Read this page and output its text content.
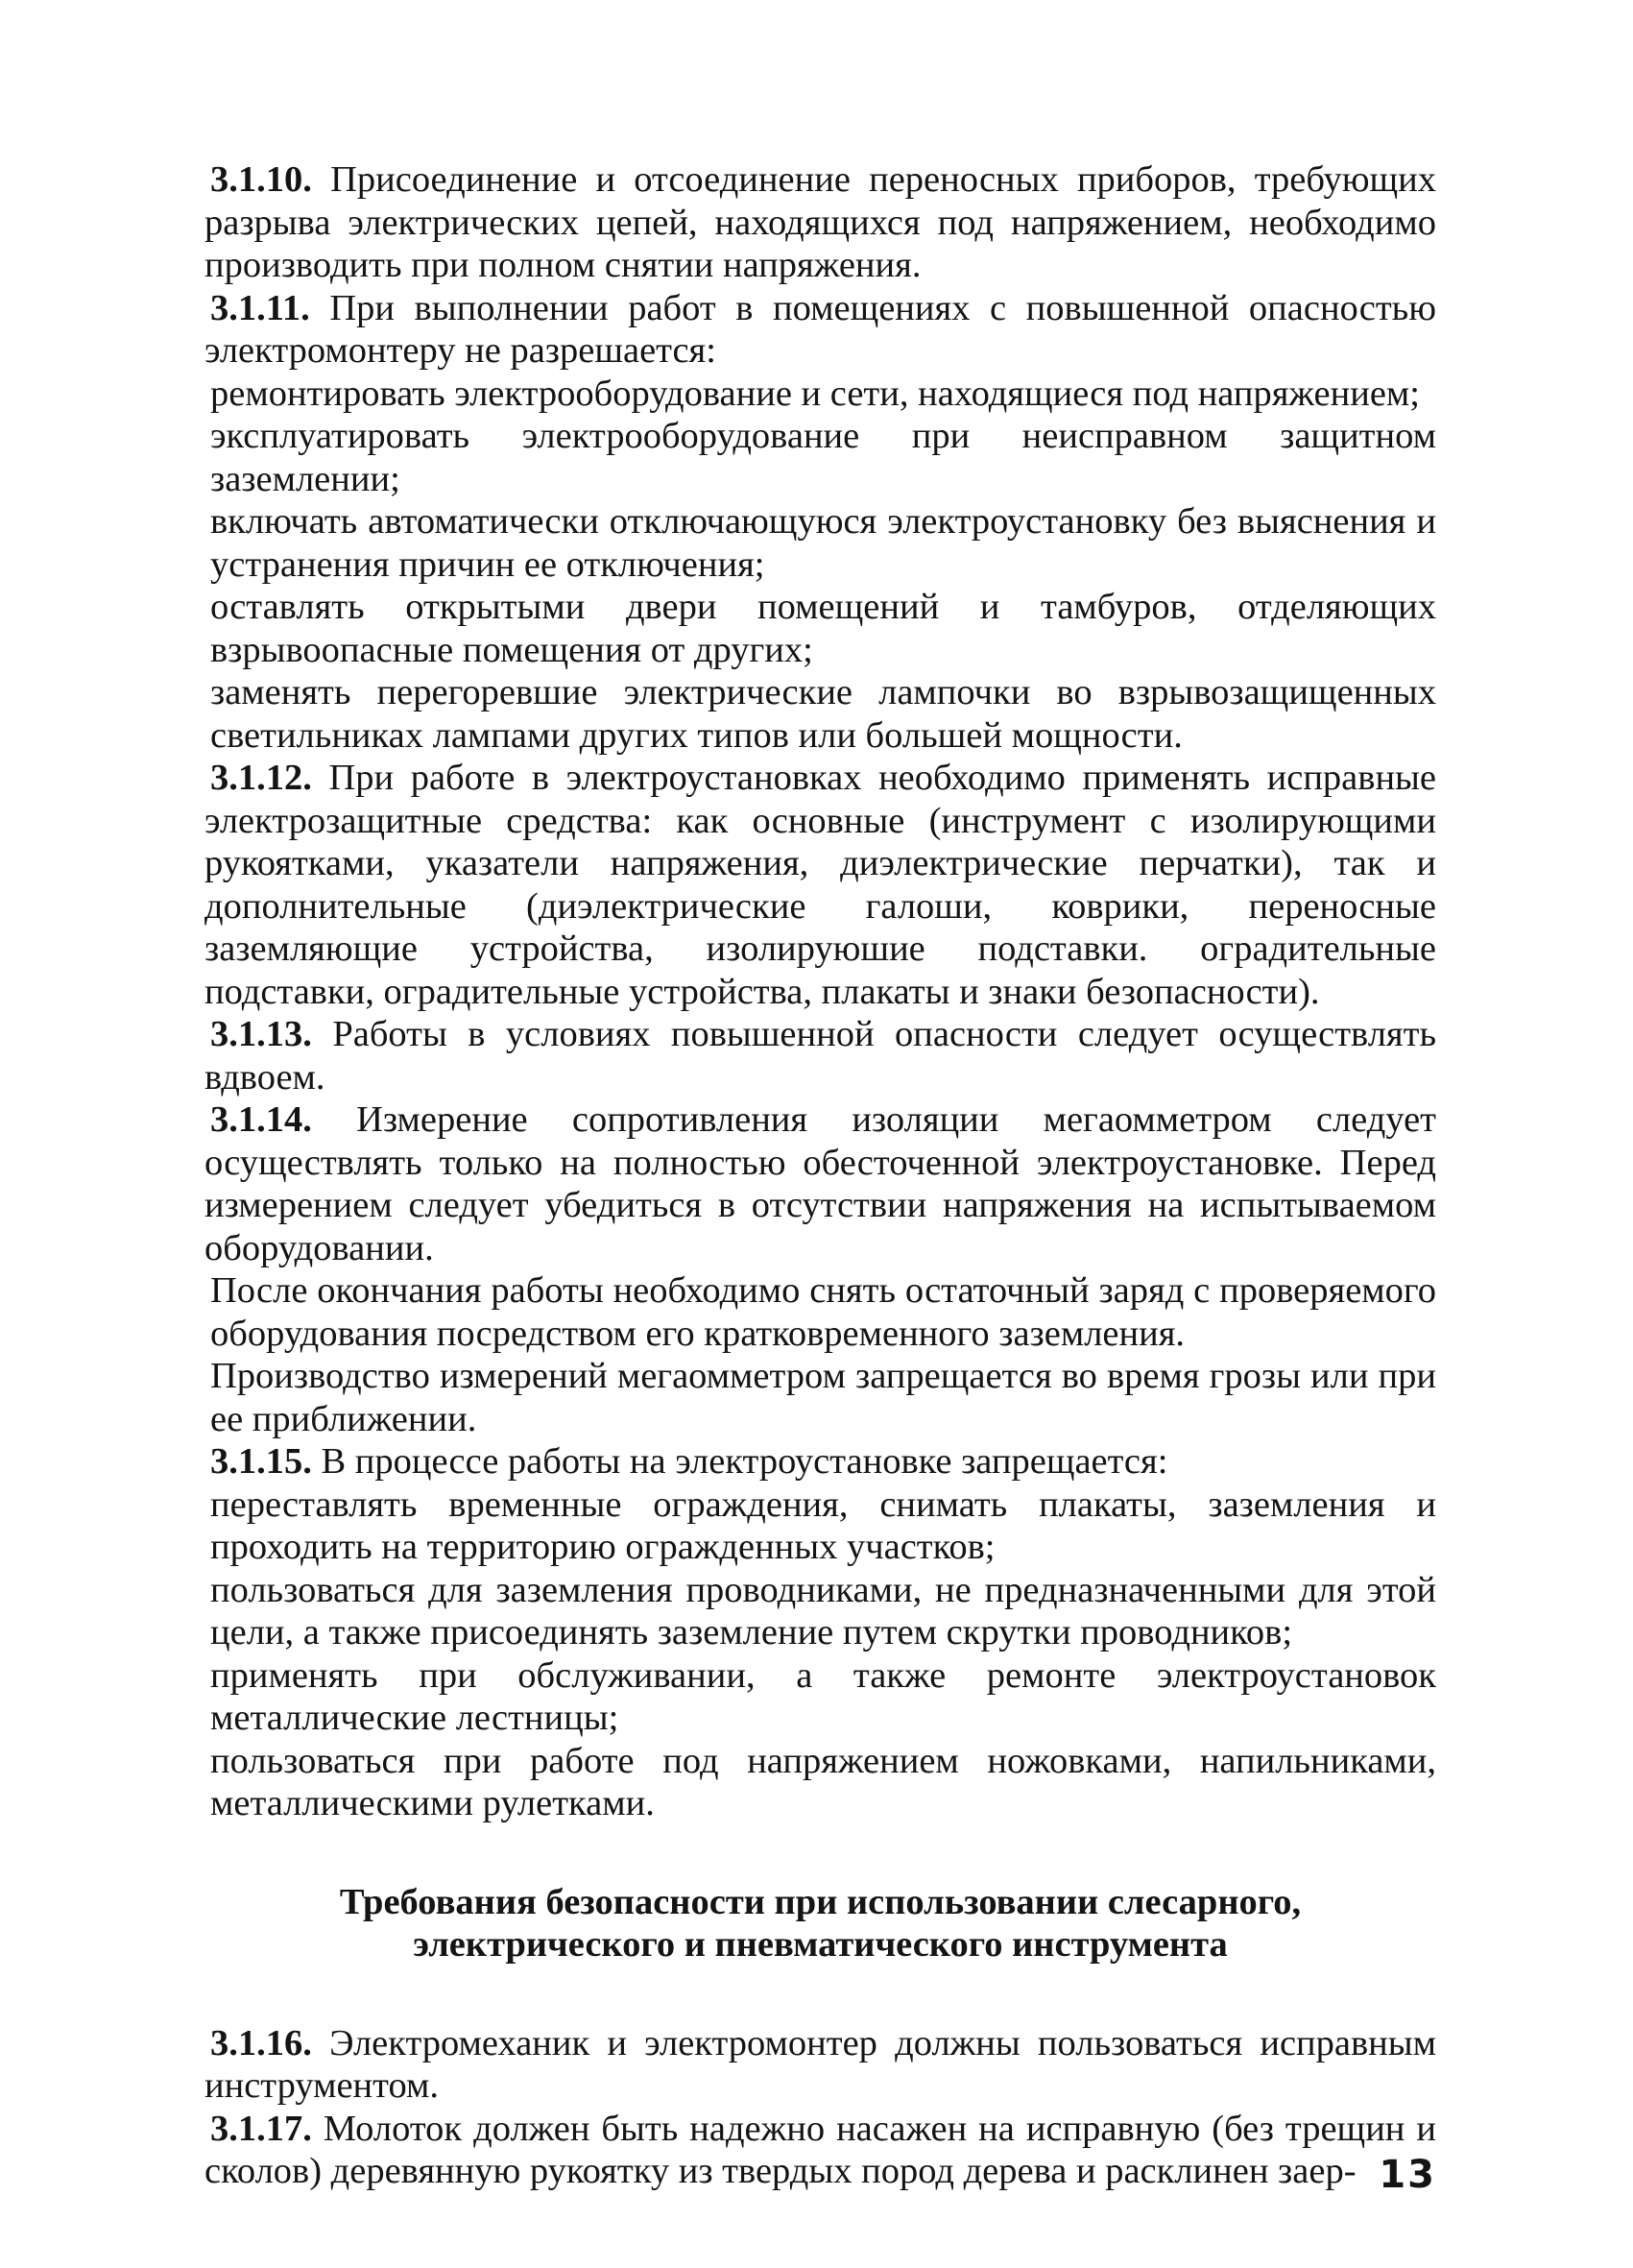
3.1.10. Присоединение и отсоединение переносных приборов, требующих разрыва электрических цепей, находящихся под напряжением, необходимо производить при полном снятии напряжения.

3.1.11. При выполнении работ в помещениях с повышенной опасностью электромонтеру не разрешается:

ремонтировать электрооборудование и сети, находящиеся под напряжением;

эксплуатировать электрооборудование при неисправном защитном заземлении;

включать автоматически отключающуюся электроустановку без выяснения и устранения причин ее отключения;

оставлять открытыми двери помещений и тамбуров, отделяющих взрывоопасные помещения от других;

заменять перегоревшие электрические лампочки во взрывозащищенных светильниках лампами других типов или большей мощности.

3.1.12. При работе в электроустановках необходимо применять исправные электрозащитные средства: как основные (инструмент с изолирующими рукоятками, указатели напряжения, диэлектрические перчатки), так и дополнительные (диэлектрические галоши, коврики, переносные заземляющие устройства, изолируюшие подставки. оградительные подставки, оградительные устройства, плакаты и знаки безопасности).

3.1.13. Работы в условиях повышенной опасности следует осуществлять вдвоем.

3.1.14. Измерение сопротивления изоляции мегаомметром следует осуществлять только на полностью обесточенной электроустановке. Перед измерением следует убедиться в отсутствии напряжения на испытываемом оборудовании.

После окончания работы необходимо снять остаточный заряд с проверяемого оборудования посредством его кратковременного заземления.

Производство измерений мегаомметром запрещается во время грозы или при ее приближении.

3.1.15. В процессе работы на электроустановке запрещается:

переставлять временные ограждения, снимать плакаты, заземления и проходить на территорию огражденных участков;

пользоваться для заземления проводниками, не предназначенными для этой цели, а также присоединять заземление путем скрутки проводников;

применять при обслуживании, а также ремонте электроустановок металлические лестницы;

пользоваться при работе под напряжением ножовками, напильниками, металлическими рулетками.

Требования безопасности при использовании слесарного,
электрического и пневматического инструмента

3.1.16. Электромеханик и электромонтер должны пользоваться исправным инструментом.

3.1.17. Молоток должен быть надежно насажен на исправную (без трещин и сколов) деревянную рукоятку из твердых пород дерева и расклинен заер- 13
